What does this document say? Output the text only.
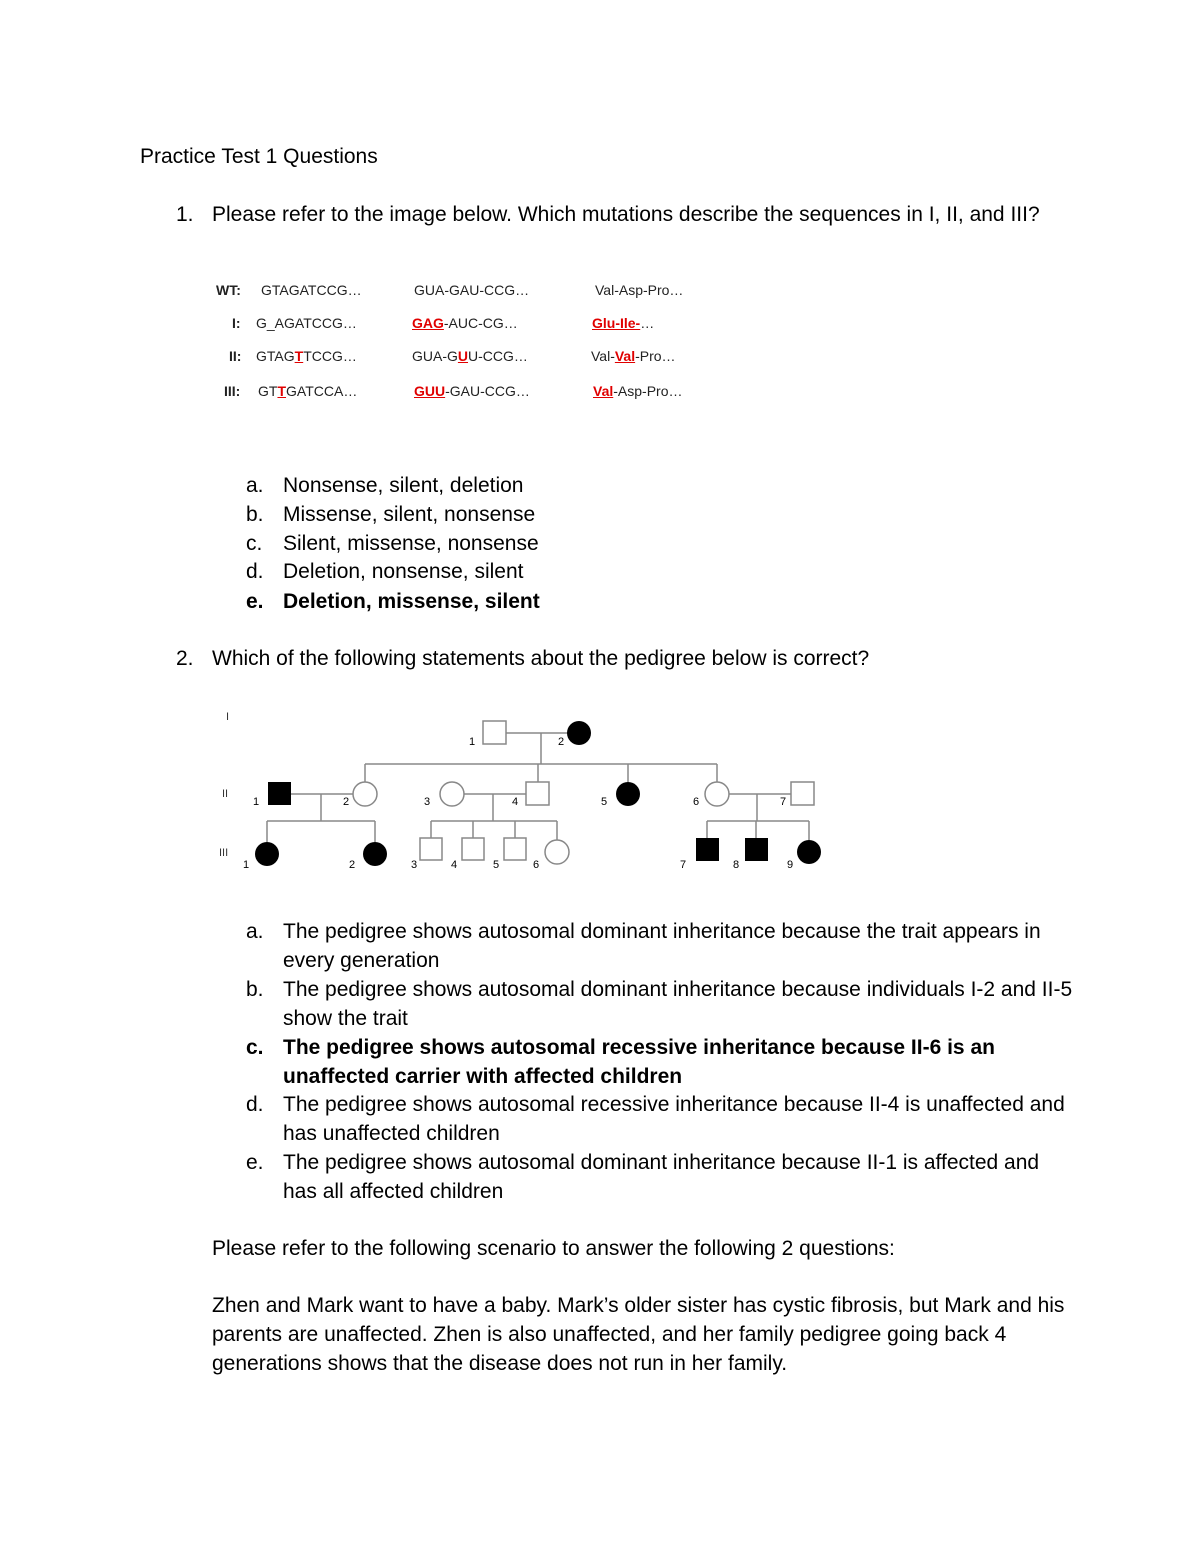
Practice Test 1 Questions
1. Please refer to the image below. Which mutations describe the sequences in I, II, and III?
WT: GTAGATCCG…	GUA-GAU-CCG…	Val-Asp-Pro…
I: G_AGATCCG…	GAG-AUC-CG…	Glu-Ile-…
II: GTAGTTCCG…	GUA-GUU-CCG…	Val-Val-Pro…
III: GTTGATCCA…	GUU-GAU-CCG…	Val-Asp-Pro…
a. Nonsense, silent, deletion
b. Missense, silent, nonsense
c. Silent, missense, nonsense
d. Deletion, nonsense, silent
e. Deletion, missense, silent
2. Which of the following statements about the pedigree below is correct?
I
II
III
1	2
1	2	3	4	5	6	7
1	2	3	4	5	6	7	8	9
a. The pedigree shows autosomal dominant inheritance because the trait appears in every generation
b. The pedigree shows autosomal dominant inheritance because individuals I-2 and II-5 show the trait
c. The pedigree shows autosomal recessive inheritance because II-6 is an unaffected carrier with affected children
d. The pedigree shows autosomal recessive inheritance because II-4 is unaffected and has unaffected children
e. The pedigree shows autosomal dominant inheritance because II-1 is affected and has all affected children
Please refer to the following scenario to answer the following 2 questions:
Zhen and Mark want to have a baby. Mark’s older sister has cystic fibrosis, but Mark and his parents are unaffected. Zhen is also unaffected, and her family pedigree going back 4 generations shows that the disease does not run in her family.
